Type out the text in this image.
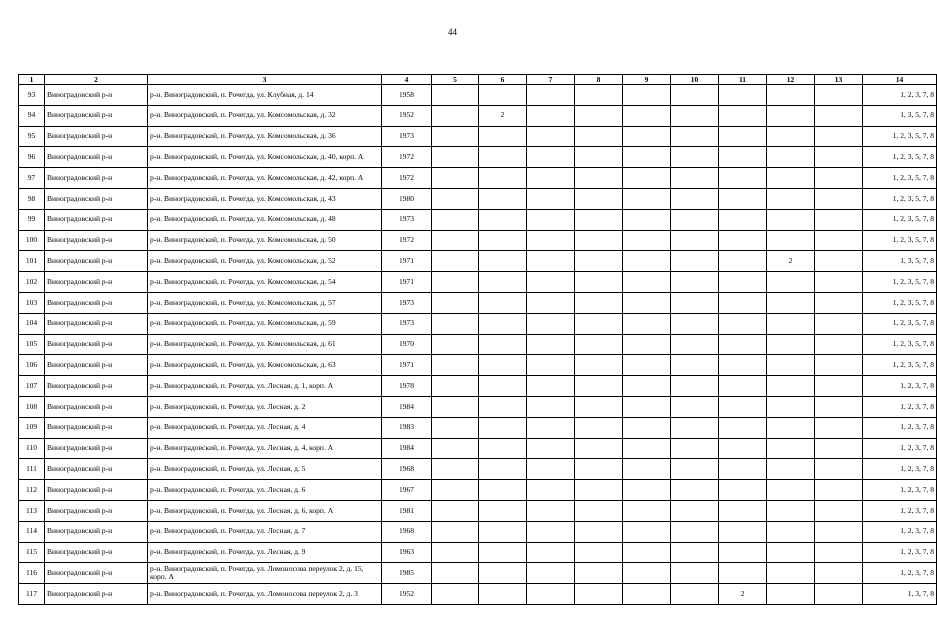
44
1	2	3	4	5	6	7	8	9	10	11	12	13	14
93	Виноградовский р-н	р-н. Виноградовский, п. Рочегда, ул. Клубная, д. 14	1958										1, 2, 3, 7, 8
94	Виноградовский р-н	р-н. Виноградовский, п. Рочегда, ул. Комсомольская, д. 32	1952		2								1, 3, 5, 7, 8
95	Виноградовский р-н	р-н. Виноградовский, п. Рочегда, ул. Комсомольская, д. 36	1973										1, 2, 3, 5, 7, 8
96	Виноградовский р-н	р-н. Виноградовский, п. Рочегда, ул. Комсомольская, д. 40, корп. А	1972										1, 2, 3, 5, 7, 8
97	Виноградовский р-н	р-н. Виноградовский, п. Рочегда, ул. Комсомольская, д. 42, корп. А	1972										1, 2, 3, 5, 7, 8
98	Виноградовский р-н	р-н. Виноградовский, п. Рочегда, ул. Комсомольская, д. 43	1980										1, 2, 3, 5, 7, 8
99	Виноградовский р-н	р-н. Виноградовский, п. Рочегда, ул. Комсомольская, д. 48	1973										1, 2, 3, 5, 7, 8
100	Виноградовский р-н	р-н. Виноградовский, п. Рочегда, ул. Комсомольская, д. 50	1972										1, 2, 3, 5, 7, 8
101	Виноградовский р-н	р-н. Виноградовский, п. Рочегда, ул. Комсомольская, д. 52	1971								2		1, 3, 5, 7, 8
102	Виноградовский р-н	р-н. Виноградовский, п. Рочегда, ул. Комсомольская, д. 54	1971										1, 2, 3, 5, 7, 8
103	Виноградовский р-н	р-н. Виноградовский, п. Рочегда, ул. Комсомольская, д. 57	1973										1, 2, 3, 5, 7, 8
104	Виноградовский р-н	р-н. Виноградовский, п. Рочегда, ул. Комсомольская, д. 59	1973										1, 2, 3, 5, 7, 8
105	Виноградовский р-н	р-н. Виноградовский, п. Рочегда, ул. Комсомольская, д. 61	1970										1, 2, 3, 5, 7, 8
106	Виноградовский р-н	р-н. Виноградовский, п. Рочегда, ул. Комсомольская, д. 63	1971										1, 2, 3, 5, 7, 8
107	Виноградовский р-н	р-н. Виноградовский, п. Рочегда, ул. Лесная, д. 1, корп. А	1978										1, 2, 3, 7, 8
108	Виноградовский р-н	р-н. Виноградовский, п. Рочегда, ул. Лесная, д. 2	1984										1, 2, 3, 7, 8
109	Виноградовский р-н	р-н. Виноградовский, п. Рочегда, ул. Лесная, д. 4	1983										1, 2, 3, 7, 8
110	Виноградовский р-н	р-н. Виноградовский, п. Рочегда, ул. Лесная, д. 4, корп. А	1984										1, 2, 3, 7, 8
111	Виноградовский р-н	р-н. Виноградовский, п. Рочегда, ул. Лесная, д. 5	1968										1, 2, 3, 7, 8
112	Виноградовский р-н	р-н. Виноградовский, п. Рочегда, ул. Лесная, д. 6	1967										1, 2, 3, 7, 8
113	Виноградовский р-н	р-н. Виноградовский, п. Рочегда, ул. Лесная, д. 6, корп. А	1981										1, 2, 3, 7, 8
114	Виноградовский р-н	р-н. Виноградовский, п. Рочегда, ул. Лесная, д. 7	1968										1, 2, 3, 7, 8
115	Виноградовский р-н	р-н. Виноградовский, п. Рочегда, ул. Лесная, д. 9	1963										1, 2, 3, 7, 8
116	Виноградовский р-н	р-н. Виноградовский, п. Рочегда, ул. Ломоносова переулок 2, д. 15, корп. А	1985										1, 2, 3, 7, 8
117	Виноградовский р-н	р-н. Виноградовский, п. Рочегда, ул. Ломоносова переулок 2, д. 3	1952							2			1, 3, 7, 8
